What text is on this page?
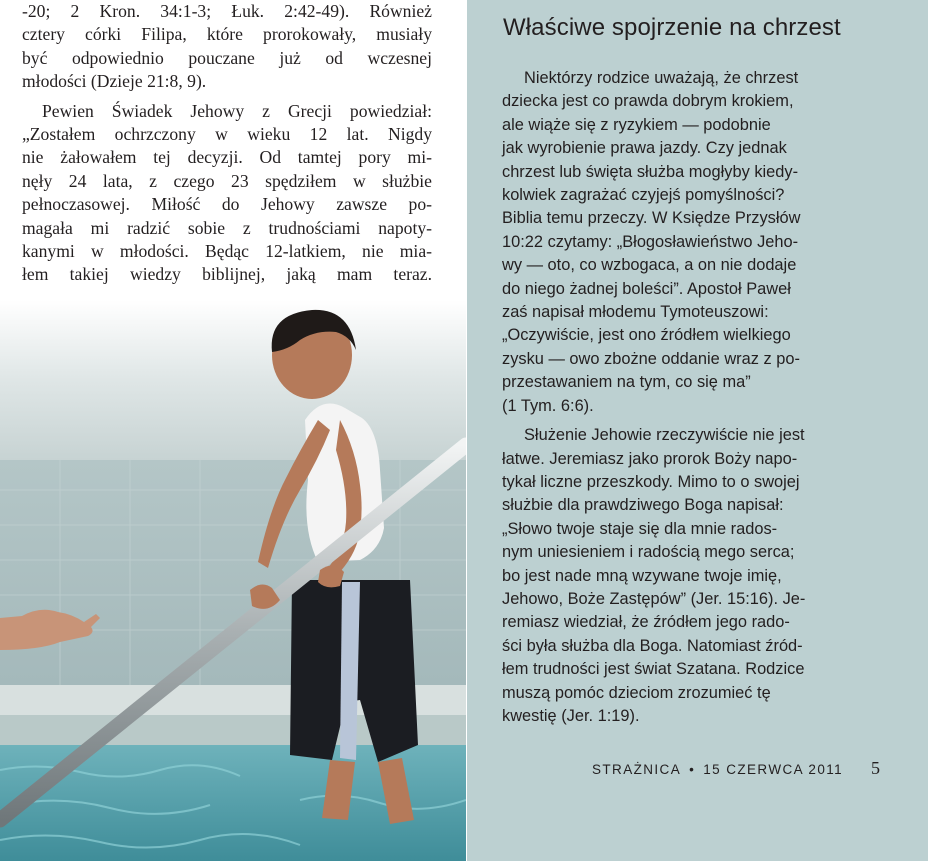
-20; 2 Kron. 34:1-3; Łuk. 2:42-49). Również
cztery córki Filipa, które prorokowały, musiały
być odpowiednio pouczane już od wczesnej
młodości (Dzieje 21:8, 9).

Pewien Świadek Jehowy z Grecji powiedział:
„Zostałem ochrzczony w wieku 12 lat. Nigdy
nie żałowałem tej decyzji. Od tamtej pory mi-
nęły 24 lata, z czego 23 spędziłem w służbie
pełnoczasowej. Miłość do Jehowy zawsze po-
magała mi radzić sobie z trudnościami napoty-
kanymi w młodości. Będąc 12-latkiem, nie mia-
łem takiej wiedzy biblijnej, jaką mam teraz.

Właściwe spojrzenie na chrzest

Niektórzy rodzice uważają, że chrzest
dziecka jest co prawda dobrym krokiem,
ale wiąże się z ryzykiem — podobnie
jak wyrobienie prawa jazdy. Czy jednak
chrzest lub święta służba mogłyby kiedy-
kolwiek zagrażać czyjejś pomyślności?
Biblia temu przeczy. W Księdze Przysłów
10:22 czytamy: „Błogosławieństwo Jeho-
wy — oto, co wzbogaca, a on nie dodaje
do niego żadnej boleści”. Apostoł Paweł
zaś napisał młodemu Tymoteuszowi:
„Oczywiście, jest ono źródłem wielkiego
zysku — owo zbożne oddanie wraz z po-
przestawaniem na tym, co się ma”
(1 Tym. 6:6).

Służenie Jehowie rzeczywiście nie jest
łatwe. Jeremiasz jako prorok Boży napo-
tykał liczne przeszkody. Mimo to o swojej
służbie dla prawdziwego Boga napisał:
„Słowo twoje staje się dla mnie rados-
nym uniesieniem i radością mego serca;
bo jest nade mną wzywane twoje imię,
Jehowo, Boże Zastępów” (Jer. 15:16). Je-
remiasz wiedział, że źródłem jego rado-
ści była służba dla Boga. Natomiast źród-
łem trudności jest świat Szatana. Rodzice
muszą pomóc dzieciom zrozumieć tę
kwestię (Jer. 1:19).

STRAŻNICA • 15 CZERWCA 2011 5
